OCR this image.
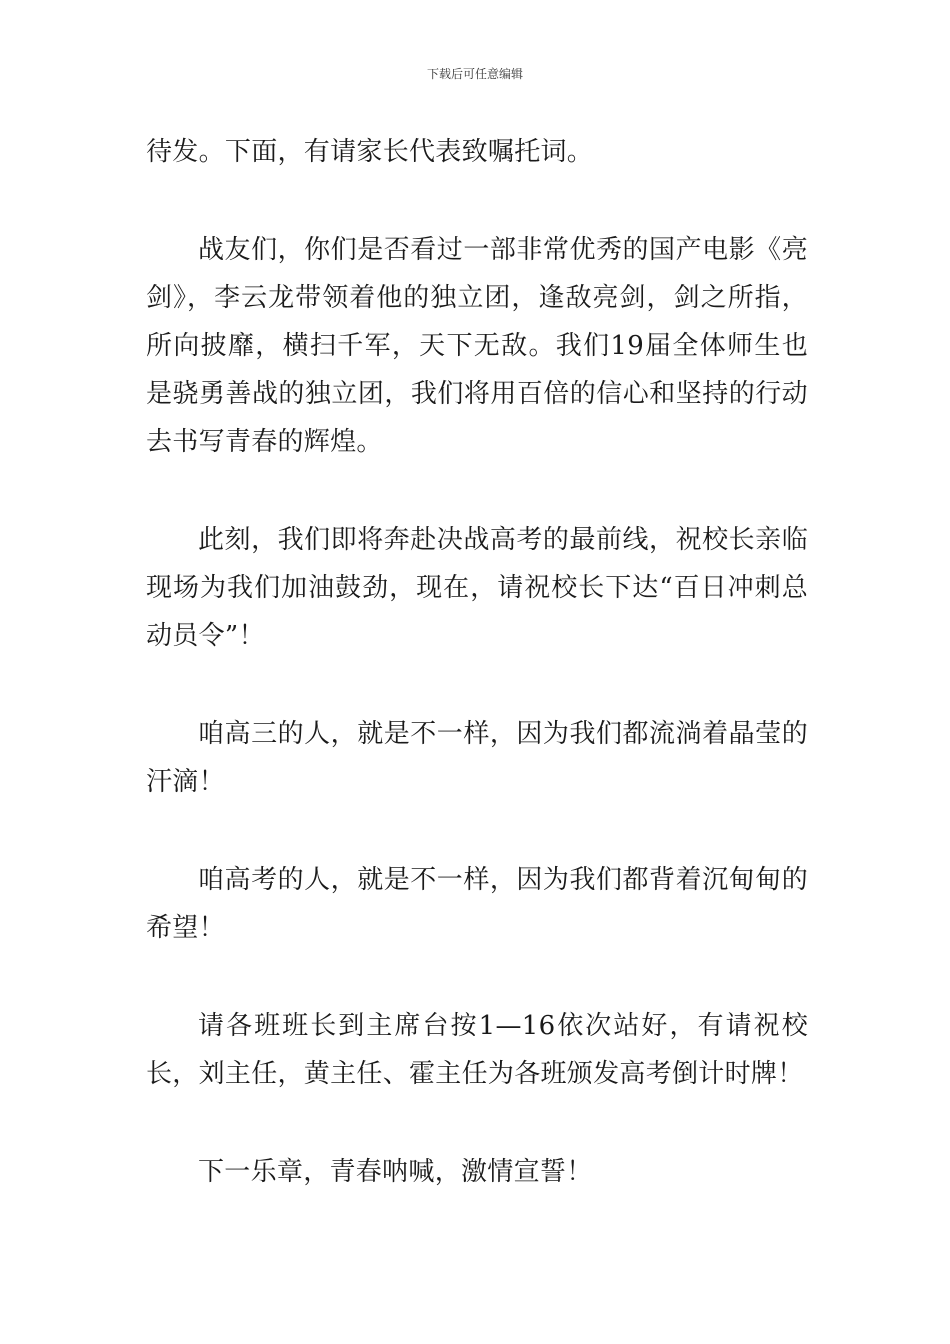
下载后可任意编辑

待发。下面，有请家长代表致嘱托词。

战友们，你们是否看过一部非常优秀的国产电影《亮剑》，李云龙带领着他的独立团，逢敌亮剑，剑之所指，所向披靡，横扫千军，天下无敌。我们19届全体师生也是骁勇善战的独立团，我们将用百倍的信心和坚持的行动去书写青春的辉煌。

此刻，我们即将奔赴决战高考的最前线，祝校长亲临现场为我们加油鼓劲，现在，请祝校长下达“百日冲刺总动员令”！

咱高三的人，就是不一样，因为我们都流淌着晶莹的汗滴！

咱高考的人，就是不一样，因为我们都背着沉甸甸的希望！

请各班班长到主席台按1—16依次站好，有请祝校长，刘主任，黄主任、霍主任为各班颁发高考倒计时牌！

下一乐章，青春呐喊，激情宣誓！
